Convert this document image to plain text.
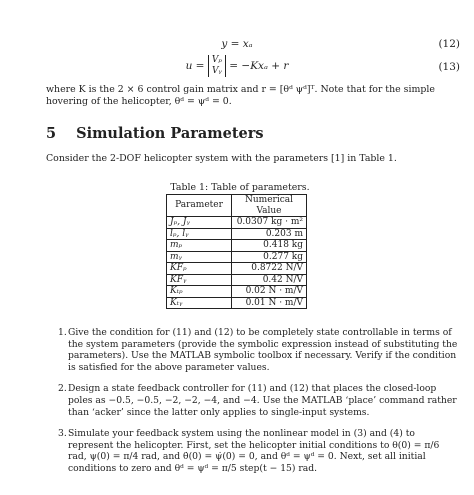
y = xₐ	(12)
u = Vₚ
Vᵧ = −Kxₐ + r	(13)
where K is the 2 × 6 control gain matrix and r = [θᵈ ψᵈ]ᵀ. Note that for the simple hovering of the helicopter, θᵈ = ψᵈ = 0.
5 Simulation Parameters
Consider the 2-DOF helicopter system with the parameters [1] in Table 1.
Table 1: Table of parameters.
Parameter	Numerical Value
Jₚ, Jᵧ	0.0307 kg · m²
lₚ, lᵧ	0.203 m
mₚ	0.418 kg
mᵧ	0.277 kg
KFₚ	0.8722 N/V
KFᵧ	0.42 N/V
Kₜₚ	0.02 N · m/V
Kₜᵧ	0.01 N · m/V
1. Give the condition for (11) and (12) to be completely state controllable in terms of the system parameters (provide the symbolic expression instead of substituting the parameters). Use the MATLAB symbolic toolbox if necessary. Verify if the condition is satisfied for the above parameter values.
2. Design a state feedback controller for (11) and (12) that places the closed-loop poles as −0.5, −0.5, −2, −2, −4, and −4. Use the MATLAB ‘place’ command rather than ‘acker’ since the latter only applies to single-input systems.
3. Simulate your feedback system using the nonlinear model in (3) and (4) to represent the helicopter. First, set the helicopter initial conditions to θ(0) = π/6 rad, ψ(0) = π/4 rad, and θ̇(0) = ψ̇(0) = 0, and θᵈ = ψᵈ = 0. Next, set all initial conditions to zero and θᵈ = ψᵈ = π/5 step(t − 15) rad.
